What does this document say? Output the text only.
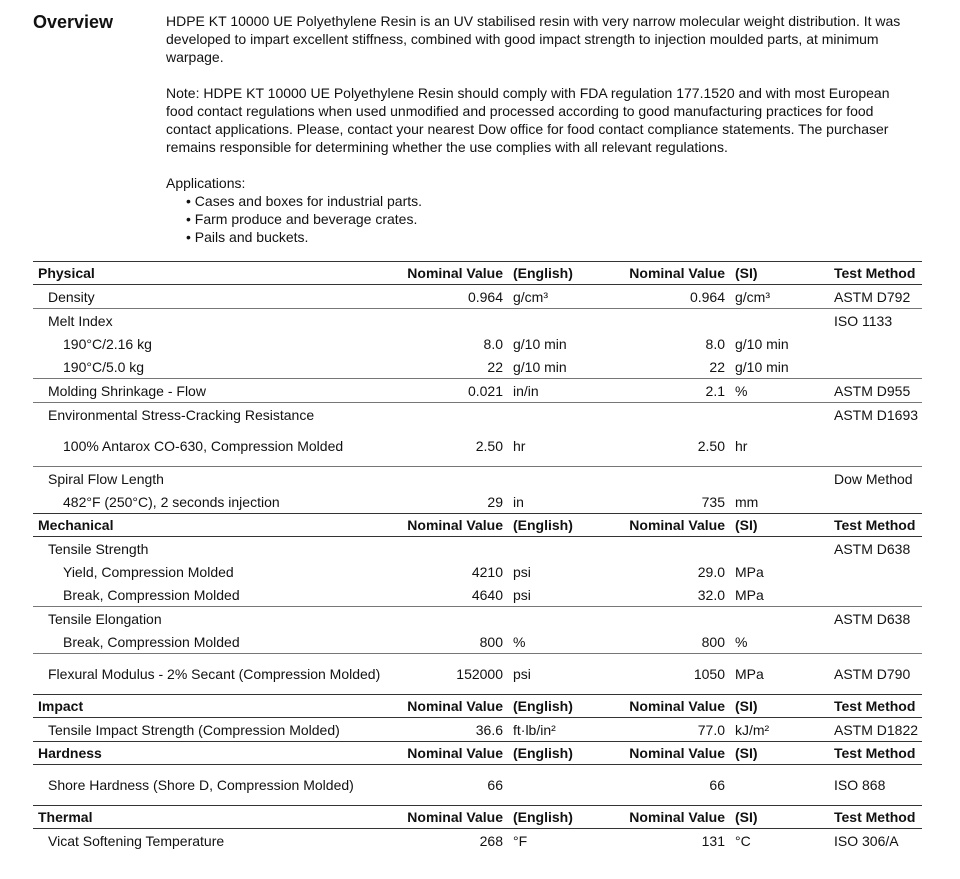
Overview	HDPE KT 10000 UE Polyethylene Resin is an UV stabilised resin with very narrow molecular weight distribution. It was developed to impart excellent stiffness, combined with good impact strength to injection moulded parts, at minimum warpage.

Note: HDPE KT 10000 UE Polyethylene Resin should comply with FDA regulation 177.1520 and with most European food contact regulations when used unmodified and processed according to good manufacturing practices for food contact applications. Please, contact your nearest Dow office for food contact compliance statements. The purchaser remains responsible for determining whether the use complies with all relevant regulations.

Applications:
• Cases and boxes for industrial parts.
• Farm produce and beverage crates.
• Pails and buckets.
Physical	Nominal Value	(English)	Nominal Value	(SI)	Test Method
Density	0.964	g/cm³	0.964	g/cm³	ASTM D792
Melt Index					ISO 1133
190°C/2.16 kg	8.0	g/10 min	8.0	g/10 min	
190°C/5.0 kg	22	g/10 min	22	g/10 min	
Molding Shrinkage - Flow	0.021	in/in	2.1	%	ASTM D955
Environmental Stress-Cracking Resistance					ASTM D1693
100% Antarox CO-630, Compression Molded	2.50	hr	2.50	hr	
Spiral Flow Length					Dow Method
482°F (250°C), 2 seconds injection	29	in	735	mm	
Mechanical	Nominal Value	(English)	Nominal Value	(SI)	Test Method
Tensile Strength					ASTM D638
Yield, Compression Molded	4210	psi	29.0	MPa	
Break, Compression Molded	4640	psi	32.0	MPa	
Tensile Elongation					ASTM D638
Break, Compression Molded	800	%	800	%	
Flexural Modulus - 2% Secant (Compression Molded)	152000	psi	1050	MPa	ASTM D790
Impact	Nominal Value	(English)	Nominal Value	(SI)	Test Method
Tensile Impact Strength (Compression Molded)	36.6	ft·lb/in²	77.0	kJ/m²	ASTM D1822
Hardness	Nominal Value	(English)	Nominal Value	(SI)	Test Method
Shore Hardness (Shore D, Compression Molded)	66		66		ISO 868
Thermal	Nominal Value	(English)	Nominal Value	(SI)	Test Method
Vicat Softening Temperature	268	°F	131	°C	ISO 306/A
